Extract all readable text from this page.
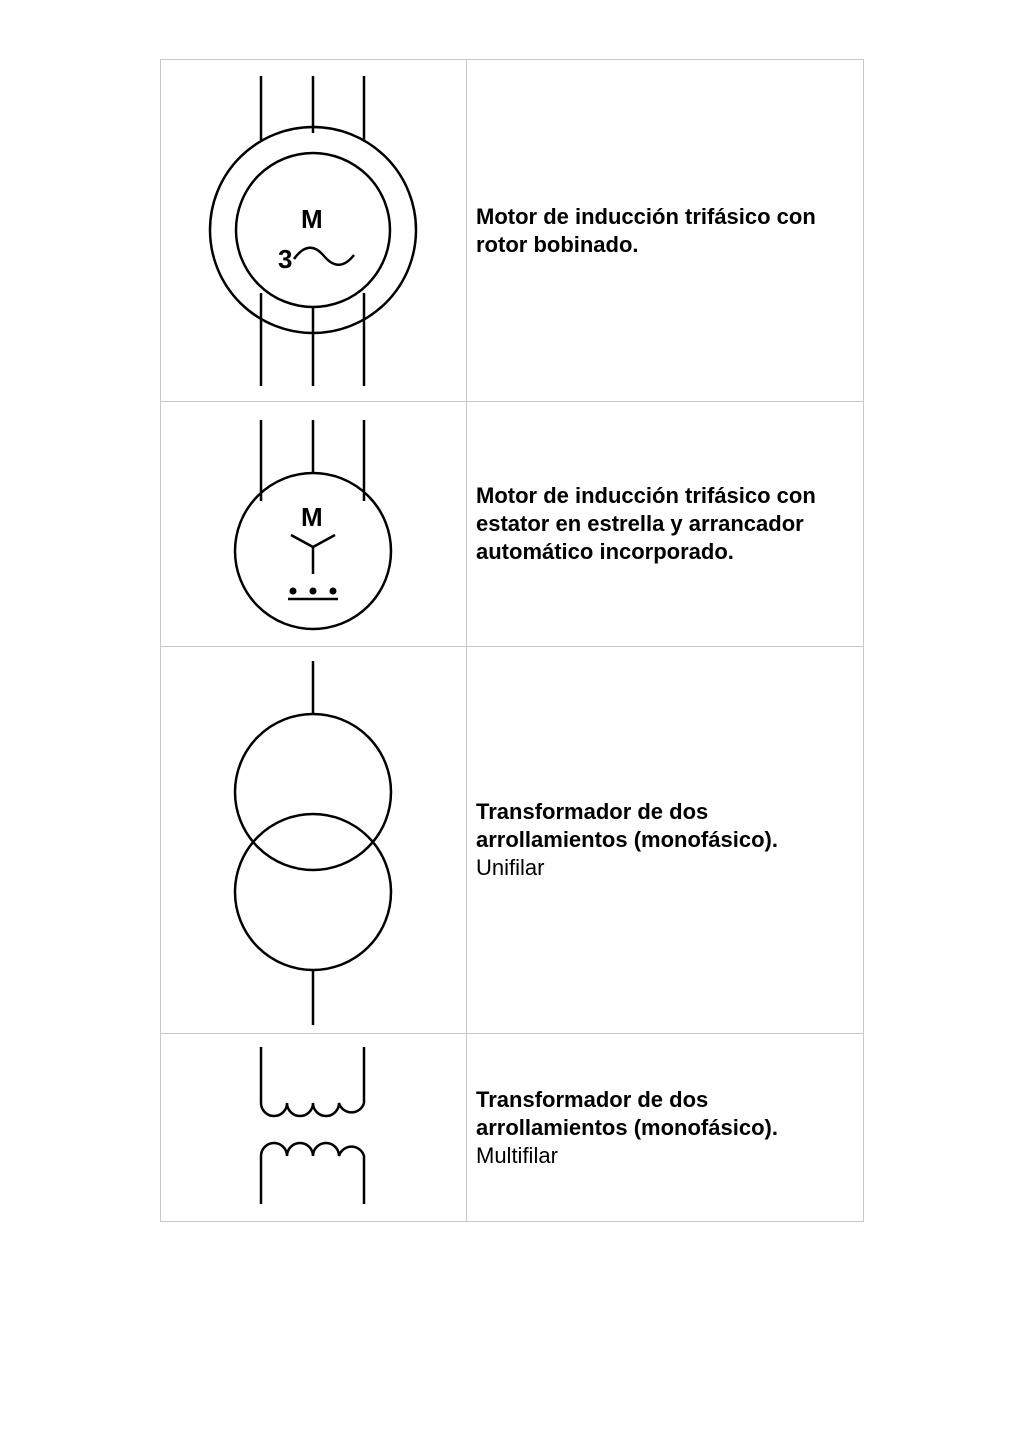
M
3	Motor de inducción trifásico con rotor bobinado.

M	Motor de inducción trifásico con estator en estrella y arrancador automático incorporado.

Transformador de dos arrollamientos (monofásico).
Unifilar

Transformador de dos arrollamientos (monofásico).
Multifilar
